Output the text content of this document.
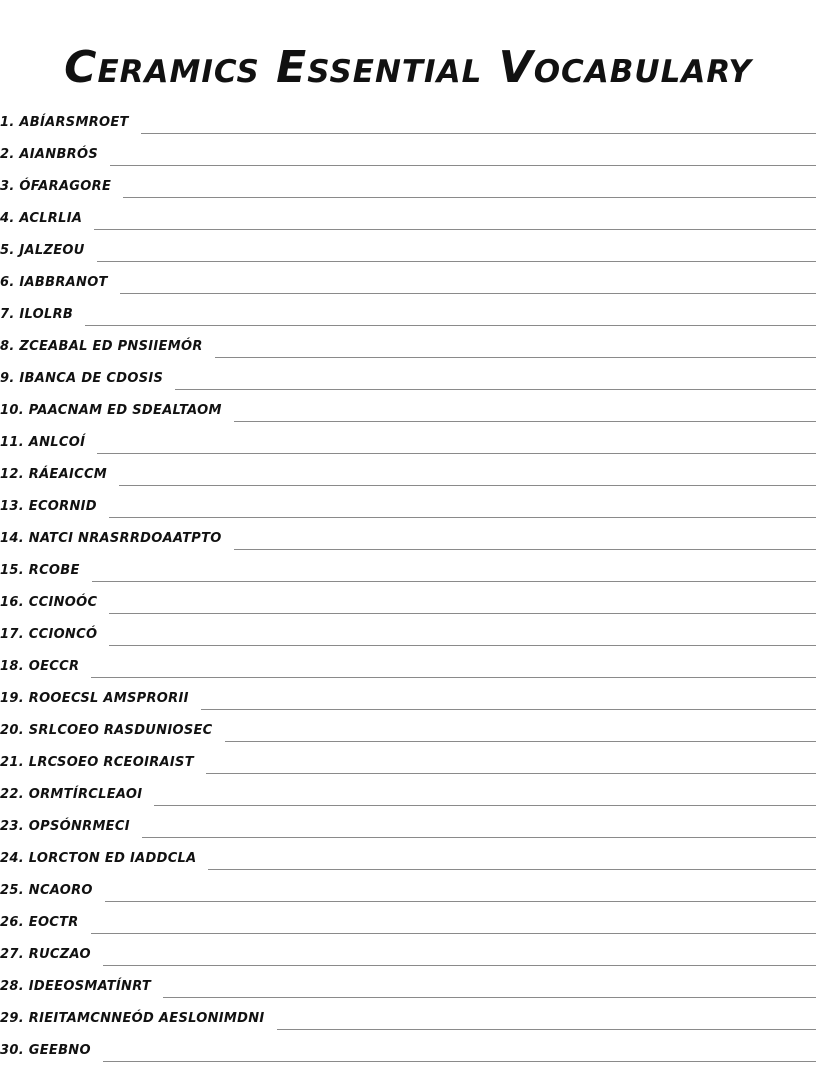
Ceramics Essential Vocabulary
1. ABÍARSMROET
2. AIANBRÓS
3. ÓFARAGORE
4. ACLRLIA
5. JALZEOU
6. IABBRANOT
7. ILOLRB
8. ZCEABAL ED PNSIIEMÓR
9. IBANCA DE CDOSIS
10. PAACNAM ED SDEALTAOM
11. ANLCOÍ
12. RÁEAICCM
13. ECORNID
14. NATCI NRASRRDOAATPTO
15. RCOBE
16. CCINOÓC
17. CCIONCÓ
18. OECCR
19. ROOECSL AMSPRORII
20. SRLCOEO RASDUNIOSEC
21. LRCSOEO RCEOIRAIST
22. ORMTÍRCLEAOI
23. OPSÓNRMECI
24. LORCTON ED IADDCLA
25. NCAORO
26. EOCTR
27. RUCZAO
28. IDEEOSMATÍNRT
29. RIEITAMCNNEÓD AESLONIMDNI
30. GEEBNO
